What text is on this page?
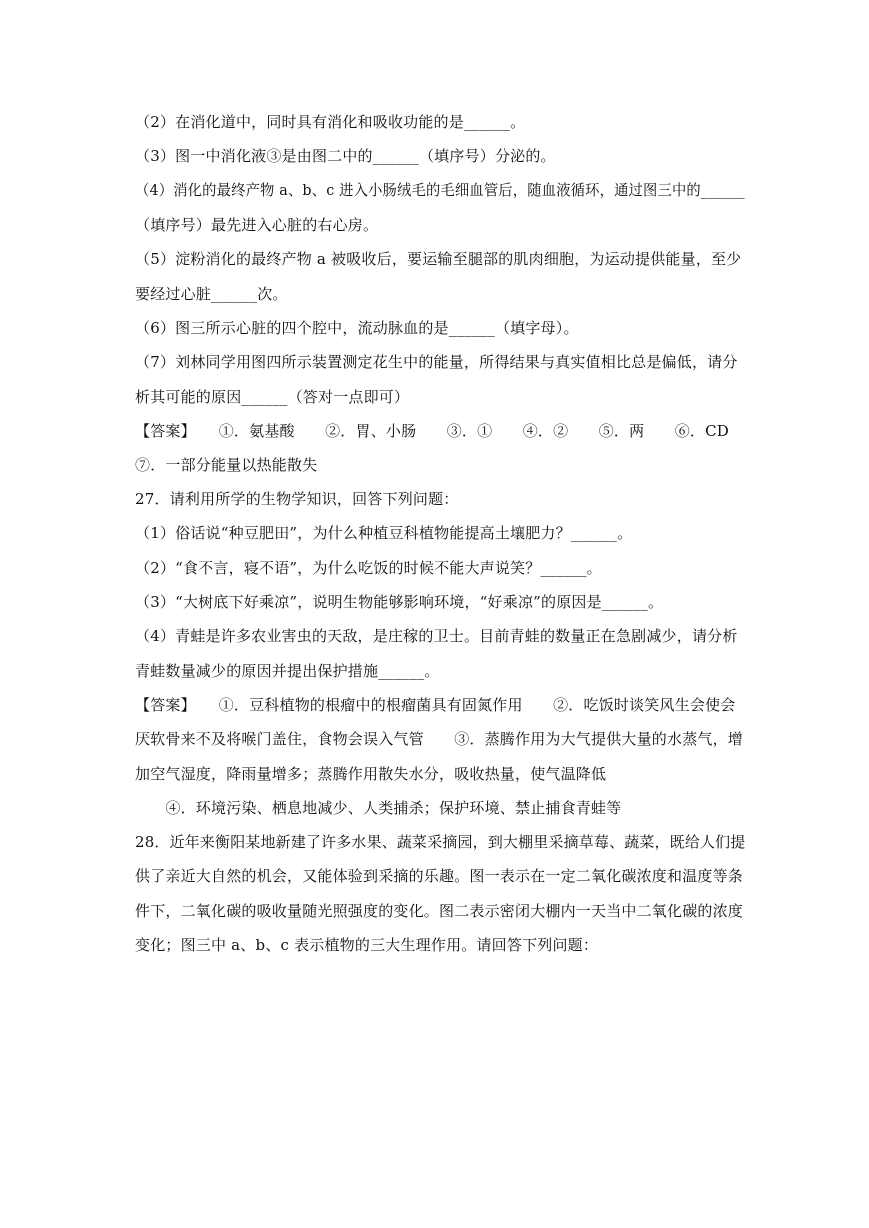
（2）在消化道中，同时具有消化和吸收功能的是______。
（3）图一中消化液③是由图二中的______（填序号）分泌的。
（4）消化的最终产物 a、b、c 进入小肠绒毛的毛细血管后，随血液循环，通过图三中的______
（填序号）最先进入心脏的右心房。
（5）淀粉消化的最终产物 a 被吸收后，要运输至腿部的肌肉细胞，为运动提供能量，至少
要经过心脏______次。
（6）图三所示心脏的四个腔中，流动脉血的是______（填字母）。
（7）刘林同学用图四所示装置测定花生中的能量，所得结果与真实值相比总是偏低，请分
析其可能的原因______（答对一点即可）
【答案】　　①．氨基酸　　②．胃、小肠　　③．①　　④．②　　⑤．两　　⑥．CD
⑦．一部分能量以热能散失
27．请利用所学的生物学知识，回答下列问题：
（1）俗话说“种豆肥田”，为什么种植豆科植物能提高土壤肥力？______。
（2）“食不言，寝不语”，为什么吃饭的时候不能大声说笑？______。
（3）“大树底下好乘凉”，说明生物能够影响环境，“好乘凉”的原因是______。
（4）青蛙是许多农业害虫的天敌，是庄稼的卫士。目前青蛙的数量正在急剧减少，请分析
青蛙数量减少的原因并提出保护措施______。
【答案】　　①．豆科植物的根瘤中的根瘤菌具有固氮作用　　②．吃饭时谈笑风生会使会
厌软骨来不及将喉门盖住，食物会误入气管　　③．蒸腾作用为大气提供大量的水蒸气，增
加空气湿度，降雨量增多；蒸腾作用散失水分，吸收热量，使气温降低
　　④．环境污染、栖息地减少、人类捕杀；保护环境、禁止捕食青蛙等
28．近年来衡阳某地新建了许多水果、蔬菜采摘园，到大棚里采摘草莓、蔬菜，既给人们提
供了亲近大自然的机会，又能体验到采摘的乐趣。图一表示在一定二氧化碳浓度和温度等条
件下，二氧化碳的吸收量随光照强度的变化。图二表示密闭大棚内一天当中二氧化碳的浓度
变化；图三中 a、b、c 表示植物的三大生理作用。请回答下列问题：
